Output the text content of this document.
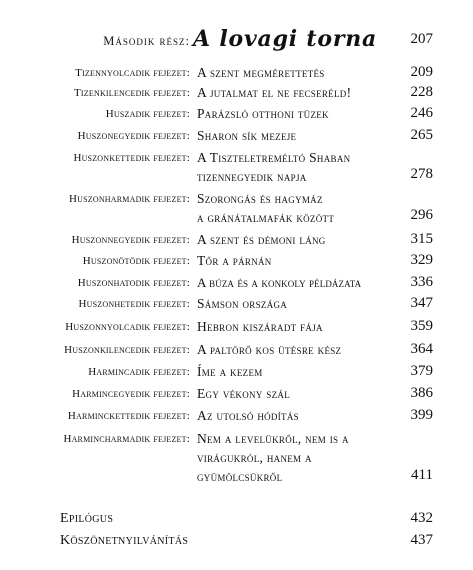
Második rész: A lovagi torna 207
Tizennyolcadik fejezet: A szent megmérettetés	209
Tizenkilencedik fejezet: A jutalmat el ne fecseréld!	228
Huszadik fejezet: Parázsló otthoni tüzek	246
Huszonegyedik fejezet: Sharon sík mezeje	265
Huszonkettedik fejezet: A Tiszteletreméltó Shaban
tizennegyedik napja	278
Huszonharmadik fejezet: Szorongás és hagymáz
a gránátalmafák között	296
Huszonnegyedik fejezet: A szent és démoni láng	315
Huszonötödik fejezet: Tőr a párnán	329
Huszonhatodik fejezet: A búza és a konkoly példázata	336
Huszonhetedik fejezet: Sámson országa	347
Huszonnyolcadik fejezet: Hebron kiszáradt fája	359
Huszonkilencedik fejezet: A paltörő kos ütésre kész	364
Harmincadik fejezet: Íme a kezem	379
Harmincegyedik fejezet: Egy vékony szál	386
Harminckettedik fejezet: Az utolsó hódítás	399
Harmincharmadik fejezet: Nem a levelükről, nem is a
virágukról, hanem a
gyümölcsükről	411
Epilógus	432
Köszönetnyilvánítás	437
